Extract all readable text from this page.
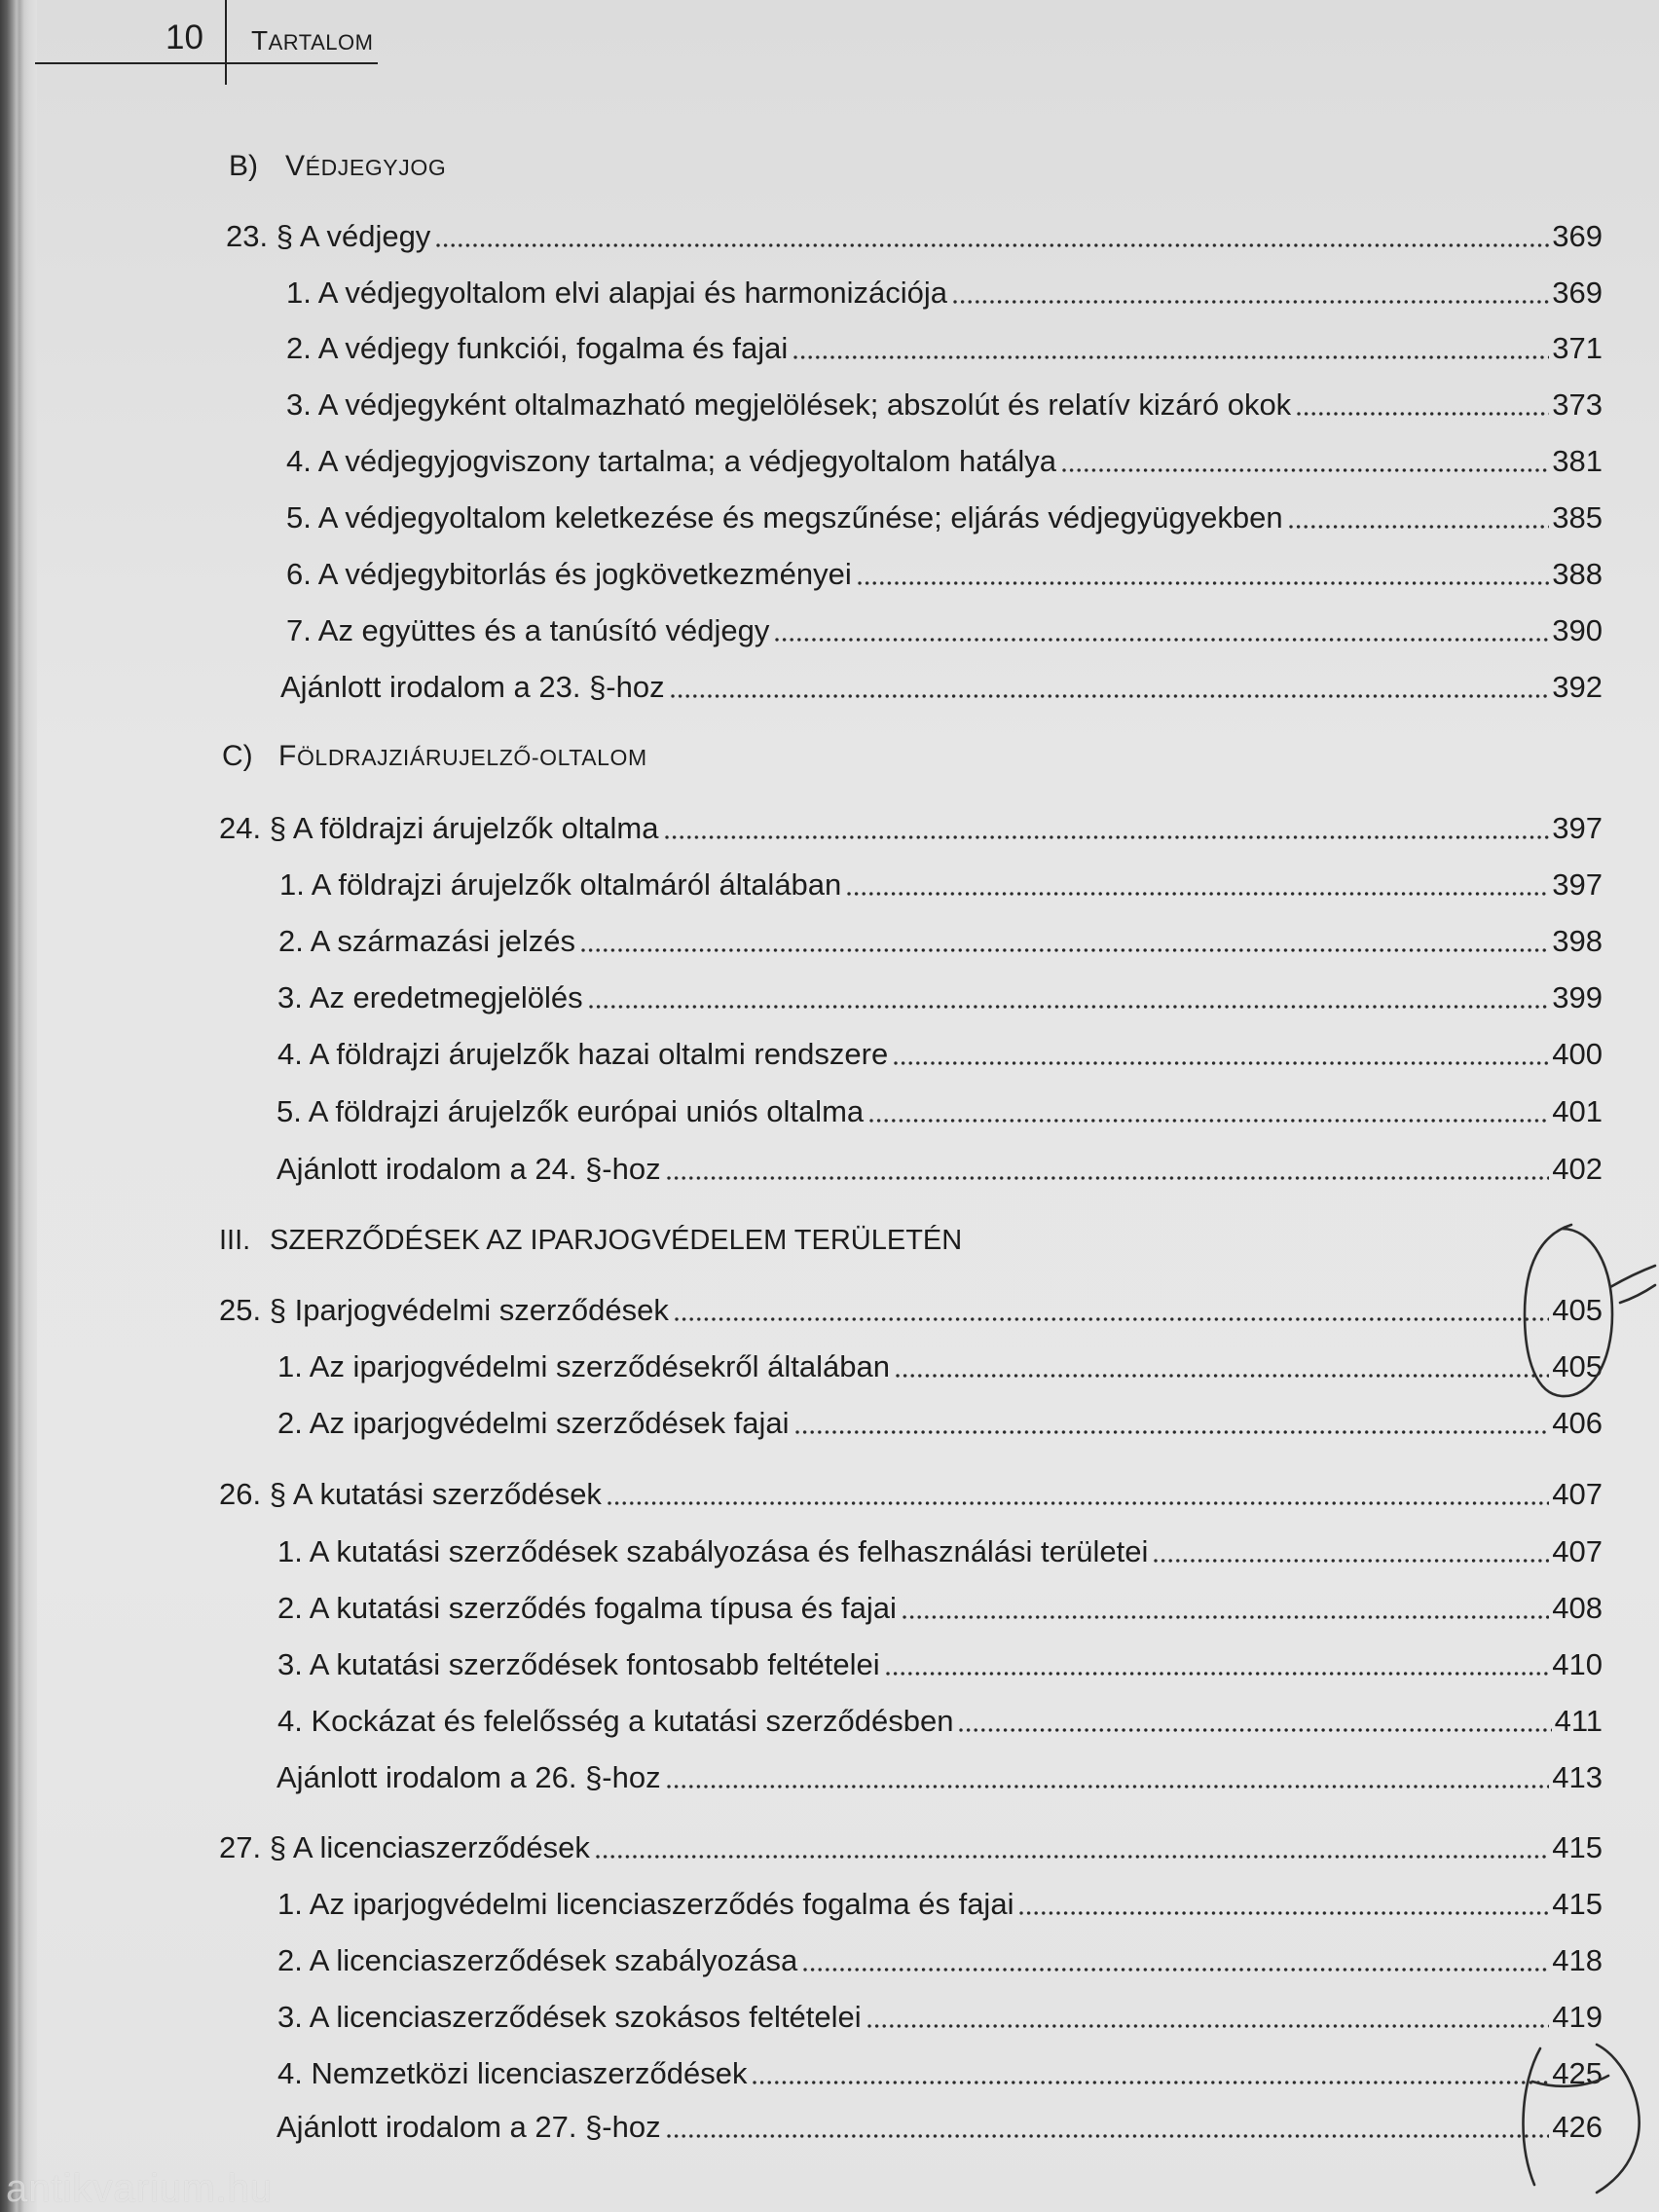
10 TARTALOM
B) VÉDJEGYJOG
23. § A védjegy	369
1. A védjegyoltalom elvi alapjai és harmonizációja	369
2. A védjegy funkciói, fogalma és fajai	371
3. A védjegyként oltalmazható megjelölések; abszolút és relatív kizáró okok	373
4. A védjegyjogviszony tartalma; a védjegyoltalom hatálya	381
5. A védjegyoltalom keletkezése és megszűnése; eljárás védjegyügyekben	385
6. A védjegybitorlás és jogkövetkezményei	388
7. Az együttes és a tanúsító védjegy	390
Ajánlott irodalom a 23. §-hoz	392
C) FÖLDRAJZIÁRUJELZŐ-OLTALOM
24. § A földrajzi árujelzők oltalma	397
1. A földrajzi árujelzők oltalmáról általában	397
2. A származási jelzés	398
3. Az eredetmegjelölés	399
4. A földrajzi árujelzők hazai oltalmi rendszere	400
5. A földrajzi árujelzők európai uniós oltalma	401
Ajánlott irodalom a 24. §-hoz	402
III. SZERZŐDÉSEK AZ IPARJOGVÉDELEM TERÜLETÉN
25. § Iparjogvédelmi szerződések	405
1. Az iparjogvédelmi szerződésekről általában	405
2. Az iparjogvédelmi szerződések fajai	406
26. § A kutatási szerződések	407
1. A kutatási szerződések szabályozása és felhasználási területei	407
2. A kutatási szerződés fogalma típusa és fajai	408
3. A kutatási szerződések fontosabb feltételei	410
4. Kockázat és felelősség a kutatási szerződésben	411
Ajánlott irodalom a 26. §-hoz	413
27. § A licenciaszerződések	415
1. Az iparjogvédelmi licenciaszerződés fogalma és fajai	415
2. A licenciaszerződések szabályozása	418
3. A licenciaszerződések szokásos feltételei	419
4. Nemzetközi licenciaszerződések	425
Ajánlott irodalom a 27. §-hoz	426
antikvarium.hu
